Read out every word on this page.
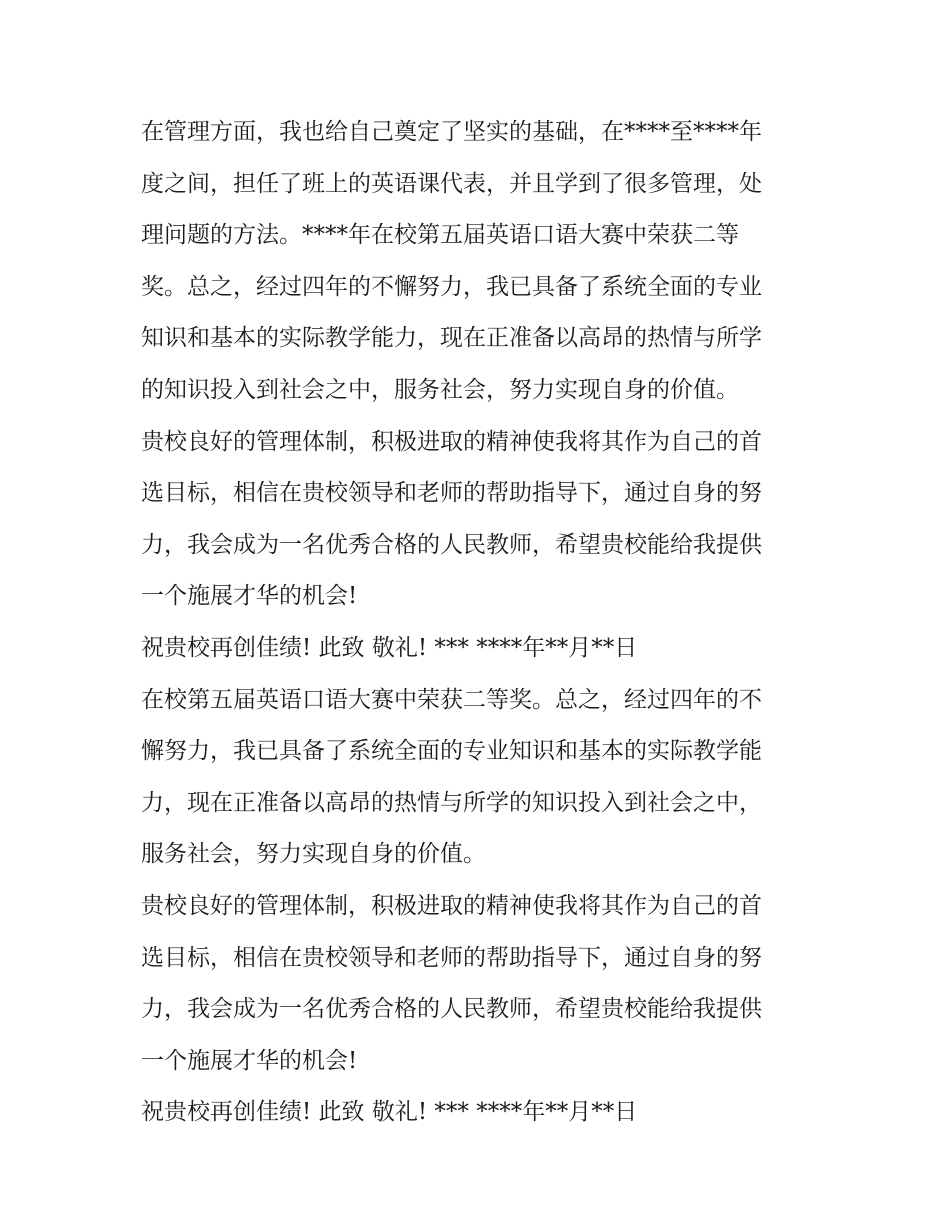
在管理方面，我也给自己奠定了坚实的基础，在****至****年
度之间，担任了班上的英语课代表，并且学到了很多管理，处
理问题的方法。****年在校第五届英语口语大赛中荣获二等
奖。总之，经过四年的不懈努力，我已具备了系统全面的专业
知识和基本的实际教学能力，现在正准备以高昂的热情与所学
的知识投入到社会之中，服务社会，努力实现自身的价值。
贵校良好的管理体制，积极进取的精神使我将其作为自己的首
选目标，相信在贵校领导和老师的帮助指导下，通过自身的努
力，我会成为一名优秀合格的人民教师，希望贵校能给我提供
一个施展才华的机会!
祝贵校再创佳绩! 此致 敬礼! *** ****年**月**日
在校第五届英语口语大赛中荣获二等奖。总之，经过四年的不
懈努力，我已具备了系统全面的专业知识和基本的实际教学能
力，现在正准备以高昂的热情与所学的知识投入到社会之中，
服务社会，努力实现自身的价值。
贵校良好的管理体制，积极进取的精神使我将其作为自己的首
选目标，相信在贵校领导和老师的帮助指导下，通过自身的努
力，我会成为一名优秀合格的人民教师，希望贵校能给我提供
一个施展才华的机会!
祝贵校再创佳绩! 此致 敬礼! *** ****年**月**日
